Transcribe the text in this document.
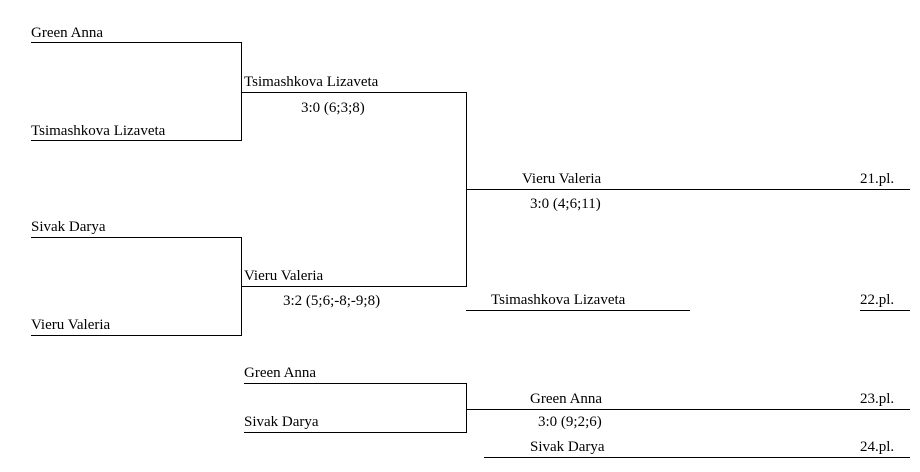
Green Anna
Tsimashkova Lizaveta
Tsimashkova Lizaveta
3:0 (6;3;8)
Sivak Darya
Vieru Valeria
Vieru Valeria
3:2 (5;6;-8;-9;8)
Vieru Valeria	21.pl.
3:0 (4;6;11)
Tsimashkova Lizaveta	22.pl.
Green Anna
Sivak Darya
Green Anna	23.pl.
3:0 (9;2;6)
Sivak Darya	24.pl.
